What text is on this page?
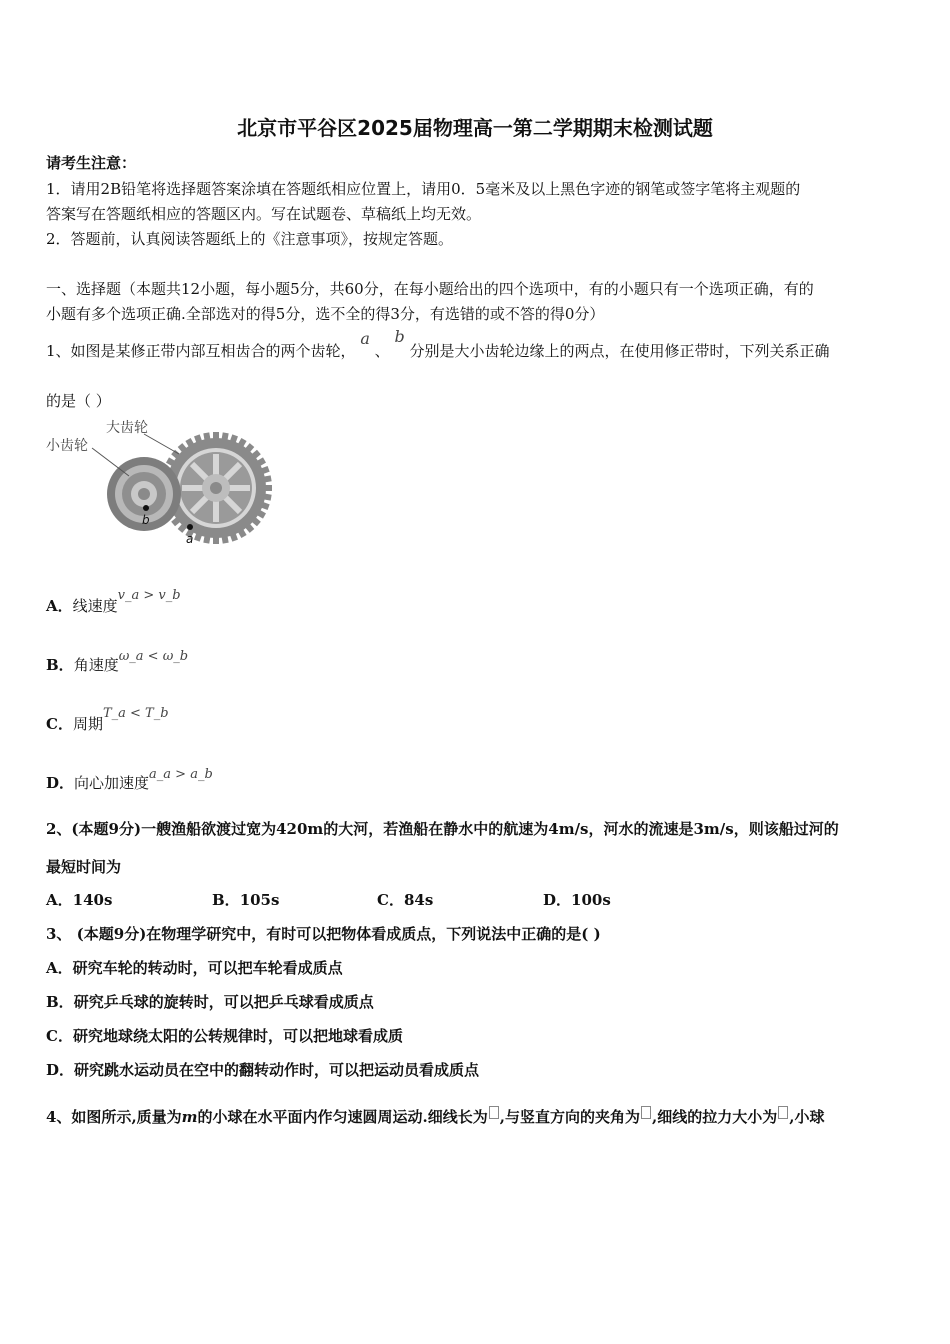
北京市平谷区2025届物理高一第二学期期末检测试题
请考生注意：
1．请用2B铅笔将选择题答案涂填在答题纸相应位置上，请用0．5毫米及以上黑色字迹的钢笔或签字笔将主观题的
答案写在答题纸相应的答题区内。写在试题卷、草稿纸上均无效。
2．答题前，认真阅读答题纸上的《注意事项》，按规定答题。
一、选择题（本题共12小题，每小题5分，共60分，在每小题给出的四个选项中，有的小题只有一个选项正确，有的
小题有多个选项正确.全部选对的得5分，选不全的得3分，有选错的或不答的得0分）
1、如图是某修正带内部互相齿合的两个齿轮， a 、 b 分别是大小齿轮边缘上的两点，在使用修正带时，下列关系正确
的是（ ）
小齿轮
大齿轮
b
a
A．线速度v_a > v_b
B．角速度ω_a < ω_b
C．周期T_a < T_b
D．向心加速度a_a > a_b
2、(本题9分)一艘渔船欲渡过宽为420m的大河，若渔船在静水中的航速为4m/s，河水的流速是3m/s，则该船过河的
最短时间为
A．140s	B．105s	C．84s	D．100s
3、 (本题9分)在物理学研究中，有时可以把物体看成质点，下列说法中正确的是( )
A．研究车轮的转动时，可以把车轮看成质点
B．研究乒乓球的旋转时，可以把乒乓球看成质点
C．研究地球绕太阳的公转规律时，可以把地球看成质
D．研究跳水运动员在空中的翻转动作时，可以把运动员看成质点
4、如图所示,质量为m的小球在水平面内作匀速圆周运动.细线长为 ,与竖直方向的夹角为 ,细线的拉力大小为 ,小球
